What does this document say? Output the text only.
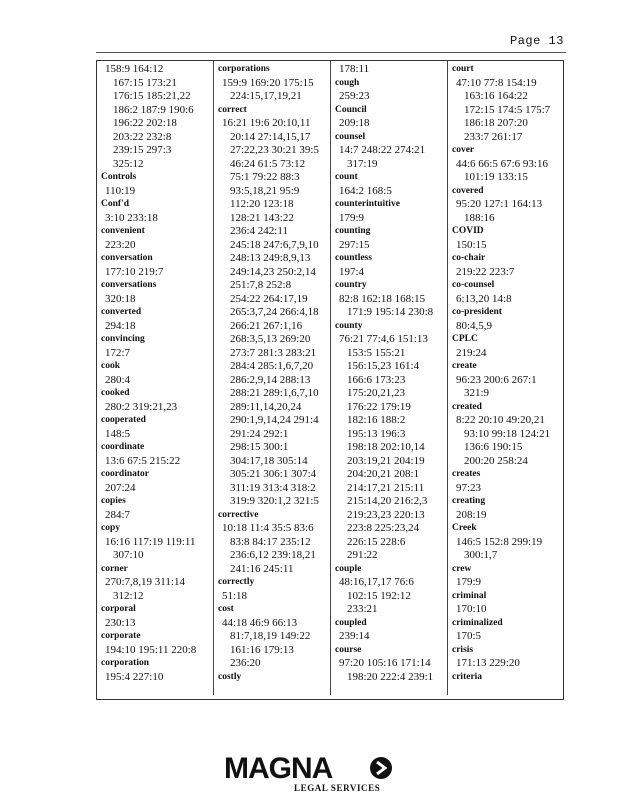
Page 13
158:9 164:12
167:15 173:21
176:15 185:21,22
186:2 187:9 190:6
196:22 202:18
203:22 232:8
239:15 297:3
325:12
Controls
110:19
Conf'd
3:10 233:18
convenient
223:20
conversation
177:10 219:7
conversations
320:18
converted
294:18
convincing
172:7
cook
280:4
cooked
280:2 319:21,23
cooperated
148:5
coordinate
13:6 67:5 215:22
coordinator
207:24
copies
284:7
copy
16:16 117:19 119:11
307:10
corner
270:7,8,19 311:14
312:12
corporal
230:13
corporate
194:10 195:11 220:8
corporation
195:4 227:10
corporations
159:9 169:20 175:15
224:15,17,19,21
correct
16:21 19:6 20:10,11
20:14 27:14,15,17
27:22,23 30:21 39:5
46:24 61:5 73:12
75:1 79:22 88:3
93:5,18,21 95:9
112:20 123:18
128:21 143:22
236:4 242:11
245:18 247:6,7,9,10
248:13 249:8,9,13
249:14,23 250:2,14
251:7,8 252:8
254:22 264:17,19
265:3,7,24 266:4,18
266:21 267:1,16
268:3,5,13 269:20
273:7 281:3 283:21
284:4 285:1,6,7,20
286:2,9,14 288:13
288:21 289:1,6,7,10
289:11,14,20,24
290:1,9,14,24 291:4
291:24 292:1
298:15 300:1
304:17,18 305:14
305:21 306:1 307:4
311:19 313:4 318:2
319:9 320:1,2 321:5
corrective
10:18 11:4 35:5 83:6
83:8 84:17 235:12
236:6,12 239:18,21
241:16 245:11
correctly
51:18
cost
44:18 46:9 66:13
81:7,18,19 149:22
161:16 179:13
236:20
costly
178:11
cough
259:23
Council
209:18
counsel
14:7 248:22 274:21
317:19
count
164:2 168:5
counterintuitive
179:9
counting
297:15
countless
197:4
country
82:8 162:18 168:15
171:9 195:14 230:8
county
76:21 77:4,6 151:13
153:5 155:21
156:15,23 161:4
166:6 173:23
175:20,21,23
176:22 179:19
182:16 188:2
195:13 196:3
198:18 202:10,14
203:19,21 204:19
204:20,21 208:1
214:17,21 215:11
215:14,20 216:2,3
219:23,23 220:13
223:8 225:23,24
226:15 228:6
291:22
couple
48:16,17,17 76:6
102:15 192:12
233:21
coupled
239:14
course
97:20 105:16 171:14
198:20 222:4 239:1
court
47:10 77:8 154:19
163:16 164:22
172:15 174:5 175:7
186:18 207:20
233:7 261:17
cover
44:6 66:5 67:6 93:16
101:19 133:15
covered
95:20 127:1 164:13
188:16
COVID
150:15
co-chair
219:22 223:7
co-counsel
6:13,20 14:8
co-president
80:4,5,9
CPLC
219:24
create
96:23 200:6 267:1
321:9
created
8:22 20:10 49:20,21
93:10 99:18 124:21
136:6 190:15
200:20 258:24
creates
97:23
creating
208:19
Creek
146:5 152:8 299:19
300:1,7
crew
179:9
criminal
170:10
criminalized
170:5
crisis
171:13 229:20
criteria
MAGNA
LEGAL SERVICES
